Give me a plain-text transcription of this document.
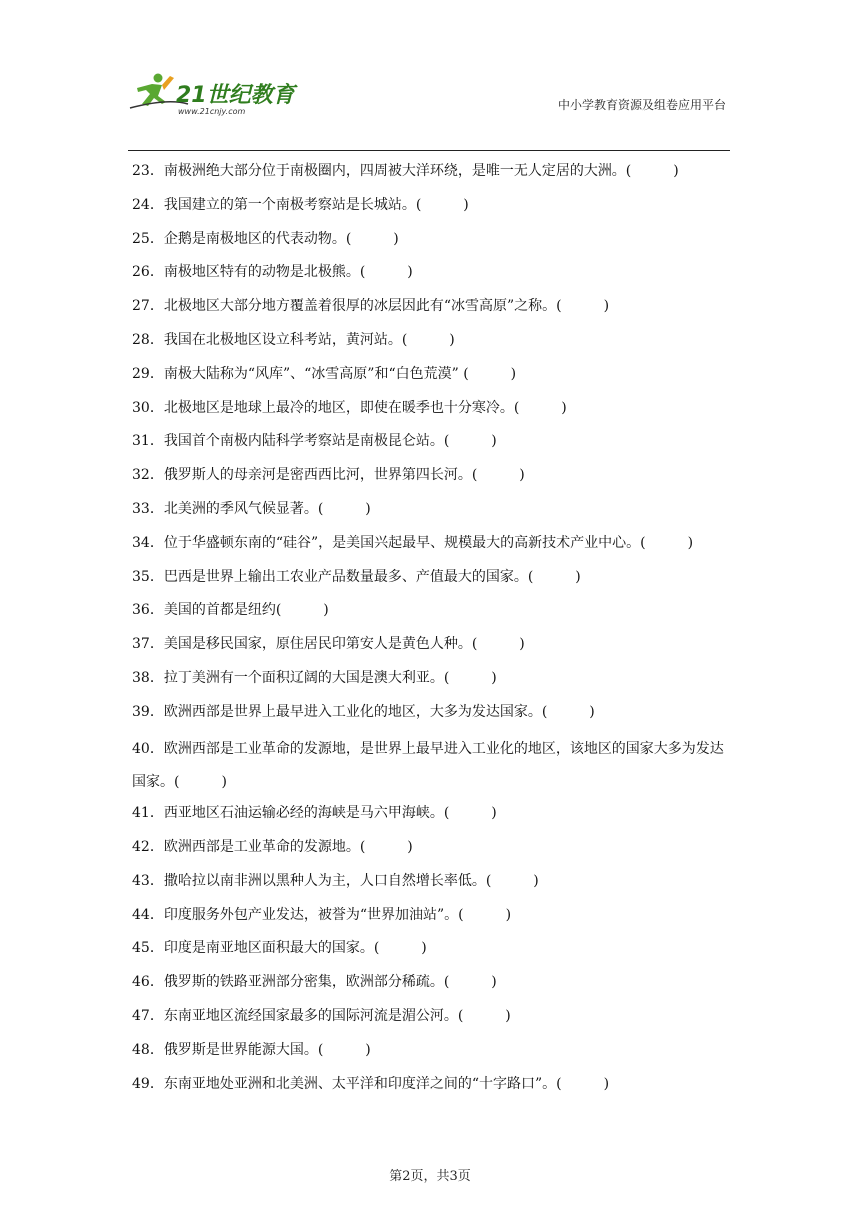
21世纪教育
www.21cnjy.com	中小学教育资源及组卷应用平台
23．南极洲绝大部分位于南极圈内，四周被大洋环绕，是唯一无人定居的大洲。(　　　)
24．我国建立的第一个南极考察站是长城站。(　　　)
25．企鹅是南极地区的代表动物。(　　　)
26．南极地区特有的动物是北极熊。(　　　)
27．北极地区大部分地方覆盖着很厚的冰层因此有“冰雪高原”之称。(　　　)
28．我国在北极地区设立科考站，黄河站。(　　　)
29．南极大陆称为“风库”、“冰雪高原”和“白色荒漠” (　　　)
30．北极地区是地球上最冷的地区，即使在暖季也十分寒冷。(　　　)
31．我国首个南极内陆科学考察站是南极昆仑站。(　　　)
32．俄罗斯人的母亲河是密西西比河，世界第四长河。(　　　)
33．北美洲的季风气候显著。(　　　)
34．位于华盛顿东南的“硅谷”，是美国兴起最早、规模最大的高新技术产业中心。(　　　)
35．巴西是世界上输出工农业产品数量最多、产值最大的国家。(　　　)
36．美国的首都是纽约(　　　)
37．美国是移民国家，原住居民印第安人是黄色人种。(　　　)
38．拉丁美洲有一个面积辽阔的大国是澳大利亚。(　　　)
39．欧洲西部是世界上最早进入工业化的地区，大多为发达国家。(　　　)
40．欧洲西部是工业革命的发源地，是世界上最早进入工业化的地区，该地区的国家大多为发达国家。(　　　)
41．西亚地区石油运输必经的海峡是马六甲海峡。(　　　)
42．欧洲西部是工业革命的发源地。(　　　)
43．撒哈拉以南非洲以黑种人为主，人口自然增长率低。(　　　)
44．印度服务外包产业发达，被誉为“世界加油站”。(　　　)
45．印度是南亚地区面积最大的国家。(　　　)
46．俄罗斯的铁路亚洲部分密集，欧洲部分稀疏。(　　　)
47．东南亚地区流经国家最多的国际河流是湄公河。(　　　)
48．俄罗斯是世界能源大国。(　　　)
49．东南亚地处亚洲和北美洲、太平洋和印度洋之间的“十字路口”。(　　　)
第2页，共3页
